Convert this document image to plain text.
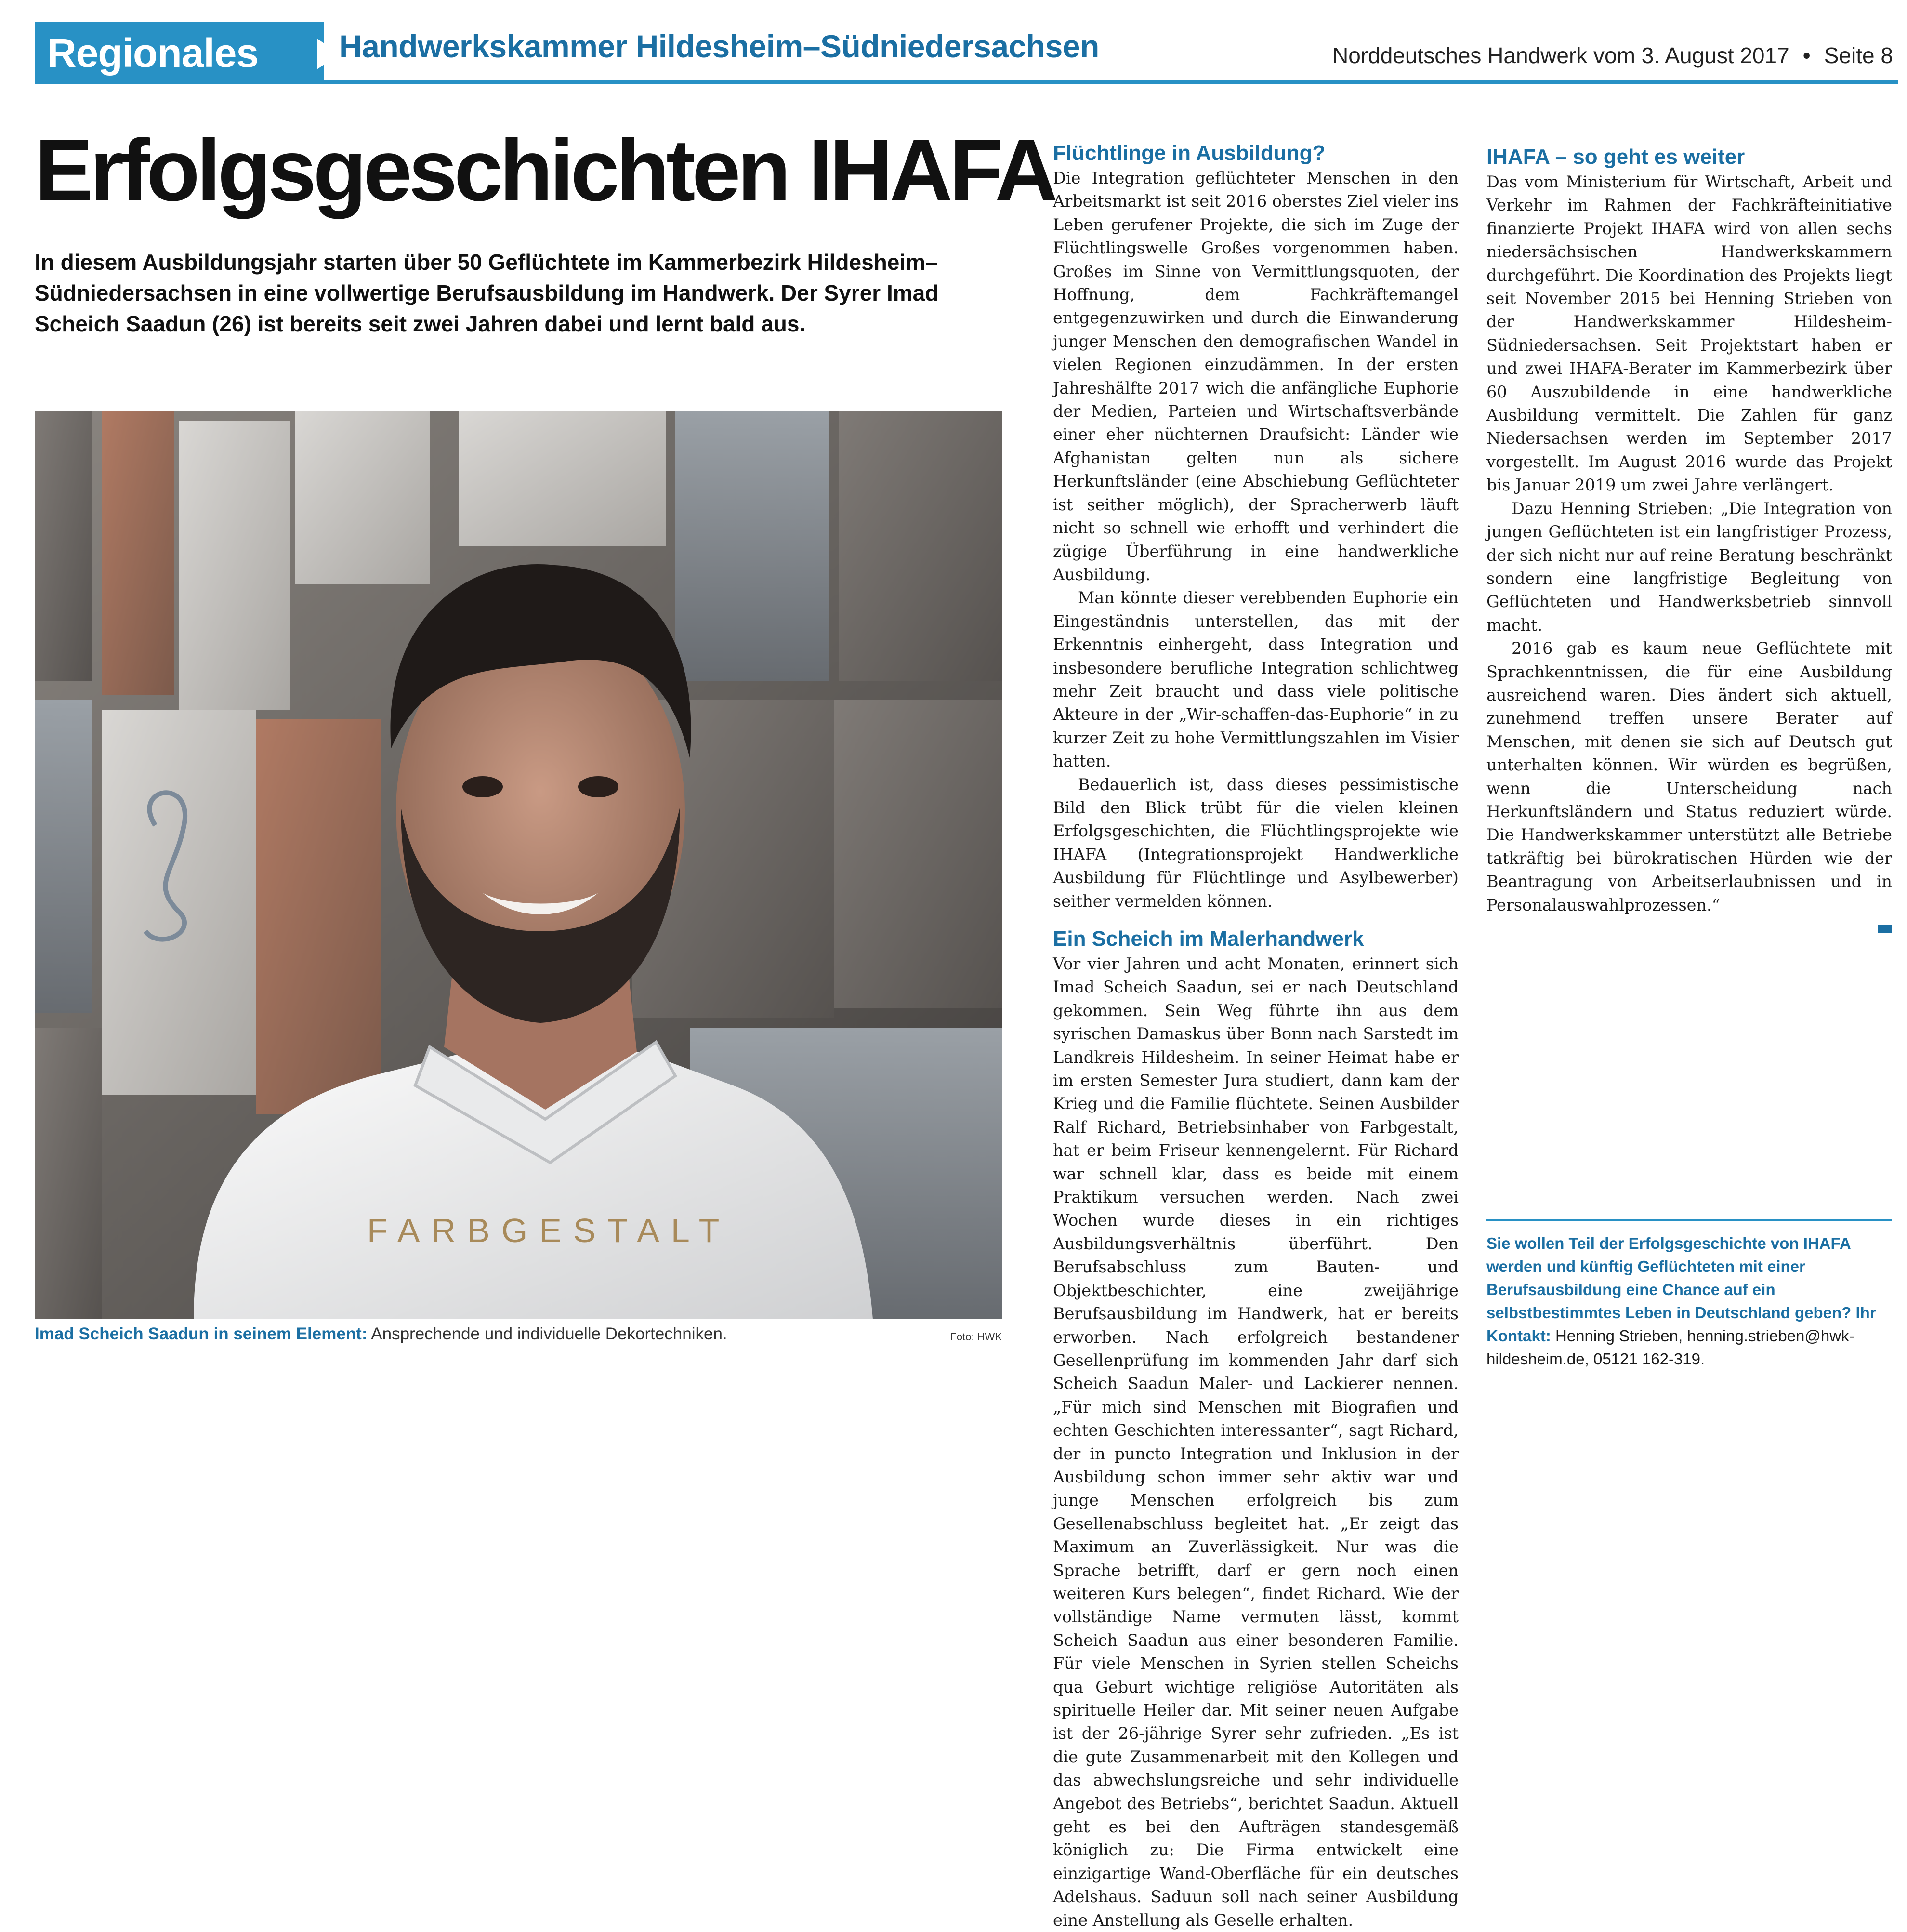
Regionales	Handwerkskammer Hildesheim–Südniedersachsen	Norddeutsches Handwerk vom 3. August 2017 • Seite 8
Erfolgsgeschichten IHAFA

In diesem Ausbildungsjahr starten über 50 Geflüchtete im Kammerbezirk Hildesheim–Südniedersachsen in eine vollwertige Berufsausbildung im Handwerk. Der Syrer Imad Scheich Saadun (26) ist bereits seit zwei Jahren dabei und lernt bald aus.

FARBGESTALT

Imad Scheich Saadun in seinem Element: Ansprechende und individuelle Dekortechniken.	Foto: HWK

Flüchtlinge in Ausbildung?

Die Integration geflüchteter Menschen in den Arbeitsmarkt ist seit 2016 oberstes Ziel vieler ins Leben gerufener Projekte, die sich im Zuge der Flüchtlingswelle Großes vorgenommen haben. Großes im Sinne von Vermittlungsquoten, der Hoffnung, dem Fachkräftemangel entgegenzuwirken und durch die Einwanderung junger Menschen den demografischen Wandel in vielen Regionen einzudämmen. In der ersten Jahreshälfte 2017 wich die anfängliche Euphorie der Medien, Parteien und Wirtschaftsverbände einer eher nüchternen Draufsicht: Länder wie Afghanistan gelten nun als sichere Herkunftsländer (eine Abschiebung Geflüchteter ist seither möglich), der Spracherwerb läuft nicht so schnell wie erhofft und verhindert die zügige Überführung in eine handwerkliche Ausbildung.

Man könnte dieser verebbenden Euphorie ein Eingeständnis unterstellen, das mit der Erkenntnis einhergeht, dass Integration und insbesondere berufliche Integration schlichtweg mehr Zeit braucht und dass viele politische Akteure in der „Wir-schaffen-das-Euphorie“ in zu kurzer Zeit zu hohe Vermittlungszahlen im Visier hatten.

Bedauerlich ist, dass dieses pessimistische Bild den Blick trübt für die vielen kleinen Erfolgsgeschichten, die Flüchtlingsprojekte wie IHAFA (Integrationsprojekt Handwerkliche Ausbildung für Flüchtlinge und Asylbewerber) seither vermelden können.

Ein Scheich im Malerhandwerk

Vor vier Jahren und acht Monaten, erinnert sich Imad Scheich Saadun, sei er nach Deutschland gekommen. Sein Weg führte ihn aus dem syrischen Damaskus über Bonn nach Sarstedt im Landkreis Hildesheim. In seiner Heimat habe er im ersten Semester Jura studiert, dann kam der Krieg und die Familie flüchtete. Seinen Ausbilder Ralf Richard, Betriebsinhaber von Farbgestalt, hat er beim Friseur kennengelernt. Für Richard war schnell klar, dass es beide mit einem Praktikum versuchen werden. Nach zwei Wochen wurde dieses in ein richtiges Ausbildungsverhältnis überführt. Den Berufsabschluss zum Bauten- und Objektbeschichter, eine zweijährige Berufsausbildung im Handwerk, hat er bereits erworben. Nach erfolgreich bestandener Gesellenprüfung im kommenden Jahr darf sich Scheich Saadun Maler- und Lackierer nennen. „Für mich sind Menschen mit Biografien und echten Geschichten interessanter“, sagt Richard, der in puncto Integration und Inklusion in der Ausbildung schon immer sehr aktiv war und junge Menschen erfolgreich bis zum Gesellenabschluss begleitet hat. „Er zeigt das Maximum an Zuverlässigkeit. Nur was die Sprache betrifft, darf er gern noch einen weiteren Kurs belegen“, findet Richard. Wie der vollständige Name vermuten lässt, kommt Scheich Saadun aus einer besonderen Familie. Für viele Menschen in Syrien stellen Scheichs qua Geburt wichtige religiöse Autoritäten als spirituelle Heiler dar. Mit seiner neuen Aufgabe ist der 26-jährige Syrer sehr zufrieden. „Es ist die gute Zusammenarbeit mit den Kollegen und das abwechslungsreiche und sehr individuelle Angebot des Betriebs“, berichtet Saadun. Aktuell geht es bei den Aufträgen standesgemäß königlich zu: Die Firma entwickelt eine einzigartige Wand-Oberfläche für ein deutsches Adelshaus. Saduun soll nach seiner Ausbildung eine Anstellung als Geselle erhalten.

IHAFA – so geht es weiter

Das vom Ministerium für Wirtschaft, Arbeit und Verkehr im Rahmen der Fachkräfteinitiative finanzierte Projekt IHAFA wird von allen sechs niedersächsischen Handwerkskammern durchgeführt. Die Koordination des Projekts liegt seit November 2015 bei Henning Strieben von der Handwerkskammer Hildesheim-Südniedersachsen. Seit Projektstart haben er und zwei IHAFA-Berater im Kammerbezirk über 60 Auszubildende in eine handwerkliche Ausbildung vermittelt. Die Zahlen für ganz Niedersachsen werden im September 2017 vorgestellt. Im August 2016 wurde das Projekt bis Januar 2019 um zwei Jahre verlängert.

Dazu Henning Strieben: „Die Integration von jungen Geflüchteten ist ein langfristiger Prozess, der sich nicht nur auf reine Beratung beschränkt sondern eine langfristige Begleitung von Geflüchteten und Handwerksbetrieb sinnvoll macht.

2016 gab es kaum neue Geflüchtete mit Sprachkenntnissen, die für eine Ausbildung ausreichend waren. Dies ändert sich aktuell, zunehmend treffen unsere Berater auf Menschen, mit denen sie sich auf Deutsch gut unterhalten können. Wir würden es begrüßen, wenn die Unterscheidung nach Herkunftsländern und Status reduziert würde. Die Handwerkskammer unterstützt alle Betriebe tatkräftig bei bürokratischen Hürden wie der Beantragung von Arbeitserlaubnissen und in Personalauswahlprozessen.“

Sie wollen Teil der Erfolgsgeschichte von IHAFA werden und künftig Geflüchteten mit einer Berufsausbildung eine Chance auf ein selbstbestimmtes Leben in Deutschland geben? Ihr Kontakt: Henning Strieben, henning.strieben@hwk-hildesheim.de, 05121 162-319.
